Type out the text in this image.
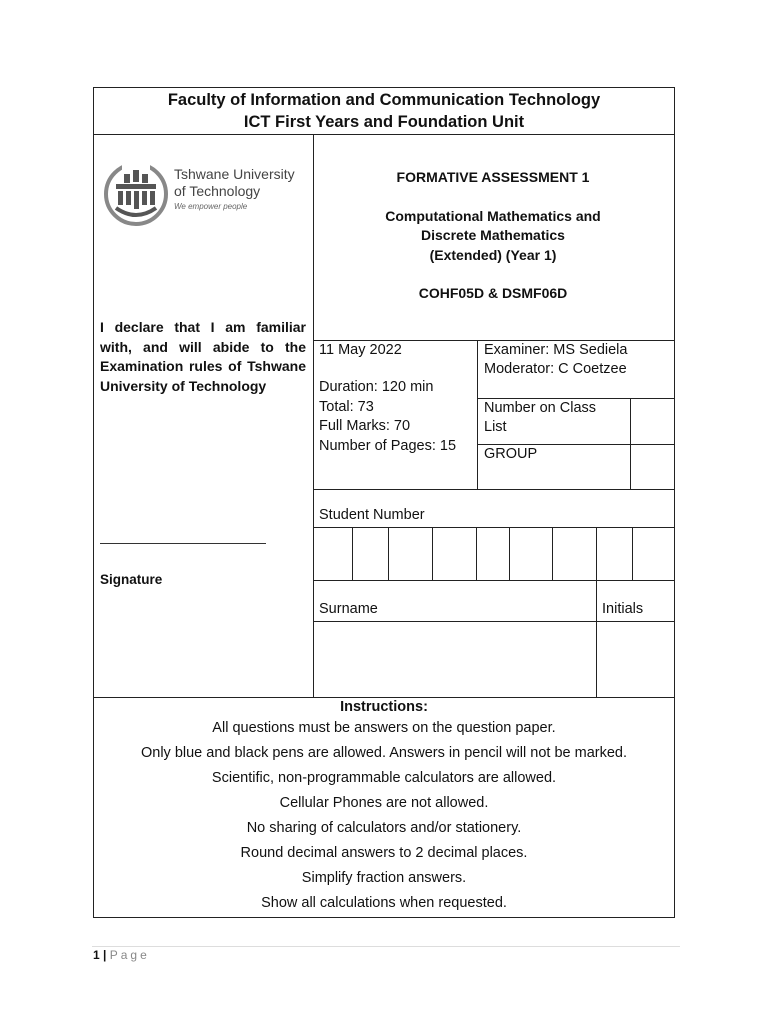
Faculty of Information and Communication Technology
ICT First Years and Foundation Unit
Tshwane University
of Technology
We empower people
I declare that I am familiar with, and will abide to the Examination rules of Tshwane University of Technology
Signature
FORMATIVE ASSESSMENT 1
Computational Mathematics and
Discrete Mathematics
(Extended) (Year 1)
COHF05D & DSMF06D
11 May 2022
Duration: 120 min
Total: 73
Full Marks: 70
Number of Pages: 15
Examiner: MS Sediela
Moderator: C Coetzee
Number on Class
List
GROUP
Student Number
Surname	Initials
Instructions:
All questions must be answers on the question paper.
Only blue and black pens are allowed. Answers in pencil will not be marked.
Scientific, non-programmable calculators are allowed.
Cellular Phones are not allowed.
No sharing of calculators and/or stationery.
Round decimal answers to 2 decimal places.
Simplify fraction answers.
Show all calculations when requested.
1 | Page
